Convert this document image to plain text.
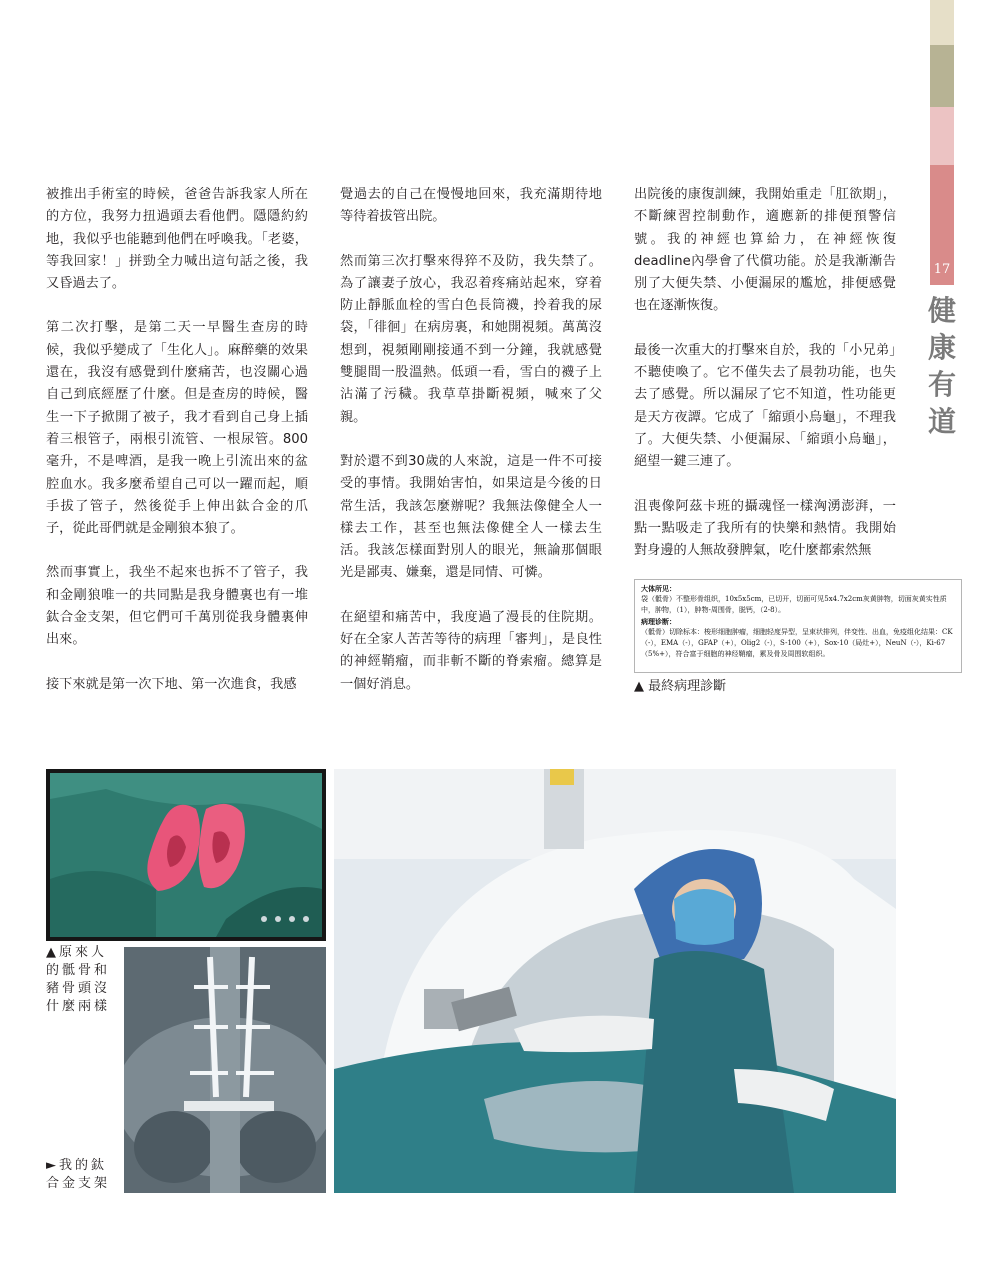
17
健
康
有
道

被推出手術室的時候，爸爸告訴我家人所在的方位，我努力扭過頭去看他們。隱隱約約地，我似乎也能聽到他們在呼喚我。「老婆，等我回家！」拼勁全力喊出這句話之後，我又昏過去了。

第二次打擊，是第二天一早醫生查房的時候，我似乎變成了「生化人」。麻醉藥的效果還在，我沒有感覺到什麼痛苦，也沒關心過自己到底經歷了什麼。但是查房的時候，醫生一下子掀開了被子，我才看到自己身上插着三根管子，兩根引流管、一根尿管。800毫升，不是啤酒，是我一晚上引流出來的盆腔血水。我多麼希望自己可以一躍而起，順手拔了管子，然後從手上伸出鈦合金的爪子，從此哥們就是金剛狼本狼了。

然而事實上，我坐不起來也拆不了管子，我和金剛狼唯一的共同點是我身體裏也有一堆鈦合金支架，但它們可千萬別從我身體裏伸出來。

接下來就是第一次下地、第一次進食，我感

覺過去的自己在慢慢地回來，我充滿期待地等待着拔管出院。

然而第三次打擊來得猝不及防，我失禁了。為了讓妻子放心，我忍着疼痛站起來，穿着防止靜脈血栓的雪白色長筒襪，拎着我的尿袋，「徘徊」在病房裏，和她開視頻。萬萬沒想到，視頻剛剛接通不到一分鐘，我就感覺雙腿間一股溫熱。低頭一看，雪白的襪子上沾滿了污穢。我草草掛斷視頻，喊來了父親。

對於還不到30歲的人來說，這是一件不可接受的事情。我開始害怕，如果這是今後的日常生活，我該怎麼辦呢？我無法像健全人一樣去工作，甚至也無法像健全人一樣去生活。我該怎樣面對別人的眼光，無論那個眼光是鄙夷、嫌棄，還是同情、可憐。

在絕望和痛苦中，我度過了漫長的住院期。好在全家人苦苦等待的病理「審判」，是良性的神經鞘瘤，而非斬不斷的脊索瘤。總算是一個好消息。

出院後的康復訓練，我開始重走「肛欲期」，不斷練習控制動作，適應新的排便預警信號。我的神經也算給力，在神經恢復deadline內學會了代償功能。於是我漸漸告別了大便失禁、小便漏尿的尷尬，排便感覺也在逐漸恢復。

最後一次重大的打擊來自於，我的「小兄弟」不聽使喚了。它不僅失去了晨勃功能，也失去了感覺。所以漏尿了它不知道，性功能更是天方夜譚。它成了「縮頭小烏龜」，不理我了。大便失禁、小便漏尿、「縮頭小烏龜」，絕望一鍵三連了。

沮喪像阿茲卡班的攝魂怪一樣洶湧澎湃，一點一點吸走了我所有的快樂和熱情。我開始對身邊的人無故發脾氣，吃什麼都索然無

大体所见：
袋（骶骨）不整形骨组织，10x5x5cm，已切开，切面可见5x4.7x2cm灰黄肿物，切面灰黄实性质中，肿物，（1），肿物-周围骨，脱钙，（2-8）。
病理诊断：
（骶骨）切除标本：梭形细胞肿瘤，细胞轻度异型，呈束状排列，伴变性、出血，免疫组化结果：CK（-），EMA（-），GFAP（+），Olig2（-），S-100（+），Sox-10（局灶+），NeuN（-），Ki-67（5%+），符合富于细胞的神经鞘瘤，累及骨及周围软组织。
▲ 最終病理診斷
▲原來人的骶骨和豬骨頭沒什麼兩樣
►我的鈦合金支架
